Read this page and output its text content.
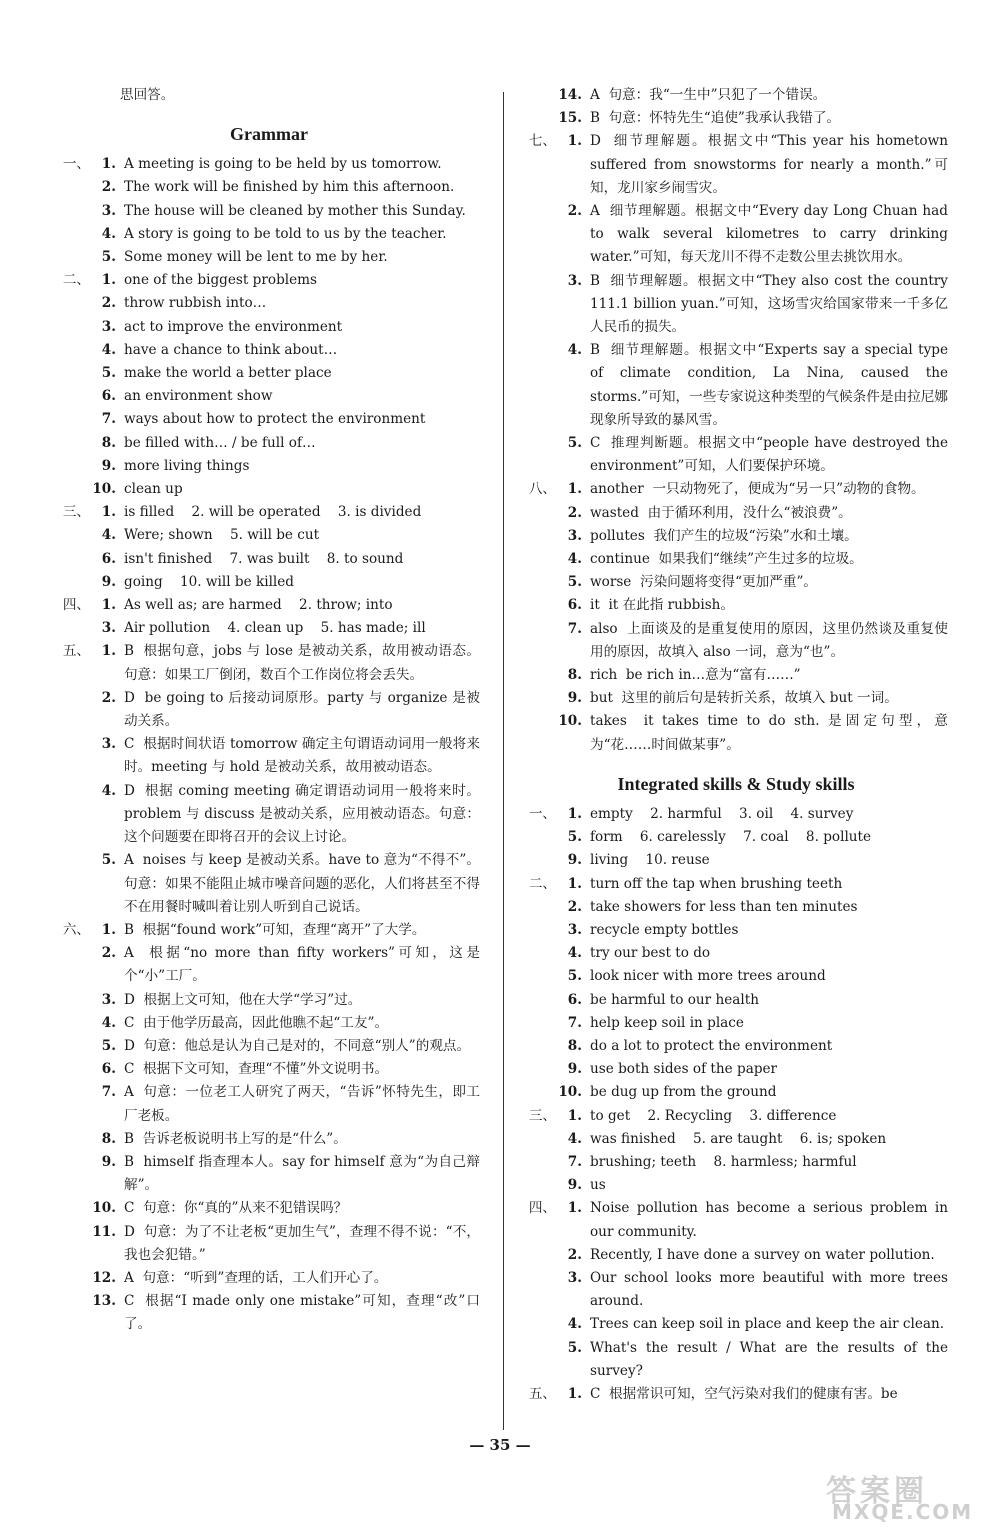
思回答。
Grammar
一、 1. A meeting is going to be held by us tomorrow.
2. The work will be finished by him this afternoon.
3. The house will be cleaned by mother this Sunday.
4. A story is going to be told to us by the teacher.
5. Some money will be lent to me by her.
二、 1. one of the biggest problems
2. throw rubbish into…
3. act to improve the environment
4. have a chance to think about…
5. make the world a better place
6. an environment show
7. ways about how to protect the environment
8. be filled with… / be full of…
9. more living things
10. clean up
三、 1. is filled    2. will be operated    3. is divided
4. Were; shown    5. will be cut
6. isn't finished    7. was built    8. to sound
9. going    10. will be killed
四、 1. As well as; are harmed    2. throw; into
3. Air pollution    4. clean up    5. has made; ill
五、 1. B  根据句意，jobs 与 lose 是被动关系，故用被动语态。句意：如果工厂倒闭，数百个工作岗位将会丢失。
2. D  be going to 后接动词原形。party 与 organize 是被动关系。
3. C  根据时间状语 tomorrow 确定主句谓语动词用一般将来时。meeting 与 hold 是被动关系，故用被动语态。
4. D  根据 coming meeting 确定谓语动词用一般将来时。problem 与 discuss 是被动关系，应用被动语态。句意：这个问题要在即将召开的会议上讨论。
5. A  noises 与 keep 是被动关系。have to 意为“不得不”。句意：如果不能阻止城市噪音问题的恶化，人们将甚至不得不在用餐时喊叫着让别人听到自己说话。
六、 1. B  根据“found work”可知，查理“离开”了大学。
2. A  根据“no more than fifty workers”可知，这是个“小”工厂。
3. D  根据上文可知，他在大学“学习”过。
4. C  由于他学历最高，因此他瞧不起“工友”。
5. D  句意：他总是认为自己是对的，不同意“别人”的观点。
6. C  根据下文可知，查理“不懂”外文说明书。
7. A  句意：一位老工人研究了两天，“告诉”怀特先生，即工厂老板。
8. B  告诉老板说明书上写的是“什么”。
9. B  himself 指查理本人。say for himself 意为“为自己辩解”。
10. C  句意：你“真的”从来不犯错误吗？
11. D  句意：为了不让老板“更加生气”，查理不得不说：“不，我也会犯错。”
12. A  句意：“听到”查理的话，工人们开心了。
13. C  根据“I made only one mistake”可知，查理“改”口了。
14. A  句意：我“一生中”只犯了一个错误。
15. B  句意：怀特先生“追使”我承认我错了。
七、 1. D  细节理解题。根据文中“This year his hometown suffered from snowstorms for nearly a month.”可知，龙川家乡闹雪灾。
2. A  细节理解题。根据文中“Every day Long Chuan had to walk several kilometres to carry drinking water.”可知，每天龙川不得不走数公里去挑饮用水。
3. B  细节理解题。根据文中“They also cost the country 111.1 billion yuan.”可知，这场雪灾给国家带来一千多亿人民币的损失。
4. B  细节理解题。根据文中“Experts say a special type of climate condition, La Nina, caused the storms.”可知，一些专家说这种类型的气候条件是由拉尼娜现象所导致的暴风雪。
5. C  推理判断题。根据文中“people have destroyed the environment”可知，人们要保护环境。
八、 1. another  一只动物死了，便成为“另一只”动物的食物。
2. wasted  由于循环利用，没什么“被浪费”。
3. pollutes  我们产生的垃圾“污染”水和土壤。
4. continue  如果我们“继续”产生过多的垃圾。
5. worse  污染问题将变得“更加严重”。
6. it  it 在此指 rubbish。
7. also  上面谈及的是重复使用的原因，这里仍然谈及重复使用的原因，故填入 also 一词，意为“也”。
8. rich  be rich in…意为“富有……”
9. but  这里的前后句是转折关系，故填入 but 一词。
10. takes  it takes time to do sth. 是固定句型，意为“花……时间做某事”。
Integrated skills & Study skills
一、 1. empty    2. harmful    3. oil    4. survey
5. form    6. carelessly    7. coal    8. pollute
9. living    10. reuse
二、 1. turn off the tap when brushing teeth
2. take showers for less than ten minutes
3. recycle empty bottles
4. try our best to do
5. look nicer with more trees around
6. be harmful to our health
7. help keep soil in place
8. do a lot to protect the environment
9. use both sides of the paper
10. be dug up from the ground
三、 1. to get    2. Recycling    3. difference
4. was finished    5. are taught    6. is; spoken
7. brushing; teeth    8. harmless; harmful
9. us
四、 1. Noise pollution has become a serious problem in our community.
2. Recently, I have done a survey on water pollution.
3. Our school looks more beautiful with more trees around.
4. Trees can keep soil in place and keep the air clean.
5. What's the result / What are the results of the survey?
五、 1. C  根据常识可知，空气污染对我们的健康有害。be
— 35 —
答案圈
MXQE.COM
